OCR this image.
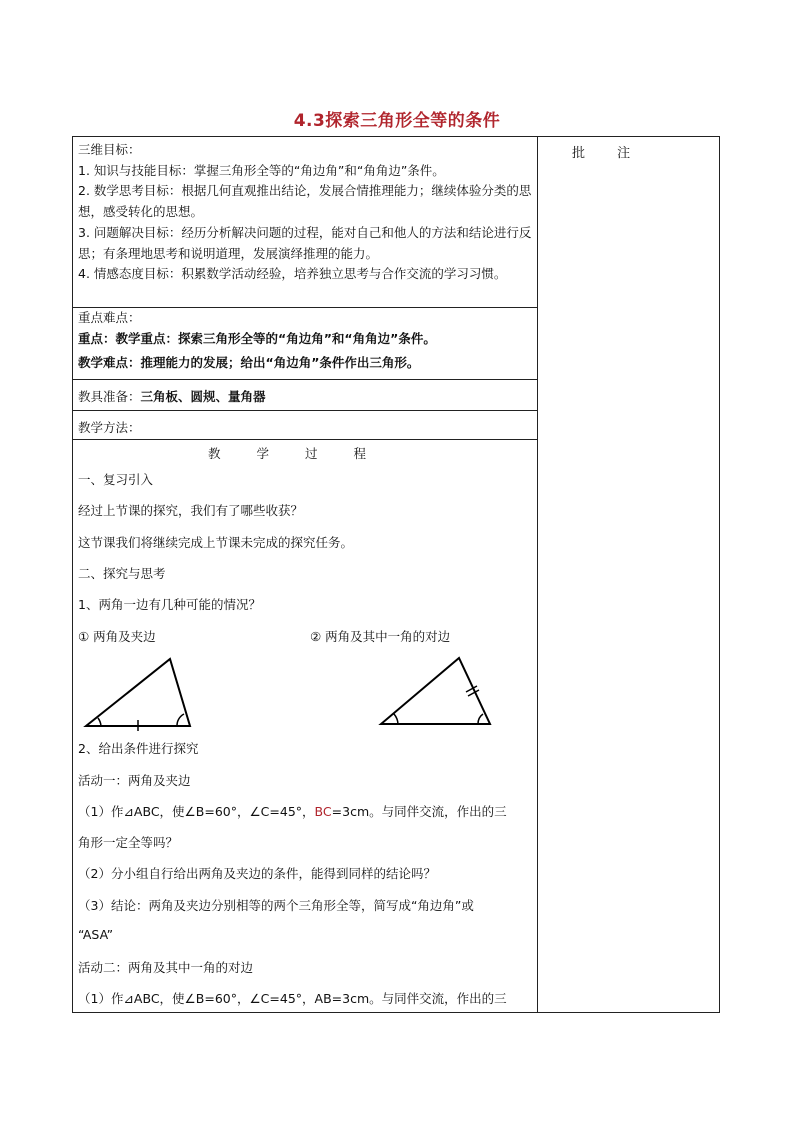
4.3探索三角形全等的条件
批 注

三维目标：

1. 知识与技能目标：掌握三角形全等的“角边角”和“角角边”条件。

2. 数学思考目标：根据几何直观推出结论，发展合情推理能力；继续体验分类的思想，感受转化的思想。

3. 问题解决目标：经历分析解决问题的过程，能对自己和他人的方法和结论进行反思；有条理地思考和说明道理，发展演绎推理的能力。

4. 情感态度目标：积累数学活动经验，培养独立思考与合作交流的学习习惯。

重点难点：

重点：教学重点：探索三角形全等的“角边角”和“角角边”条件。

教学难点：推理能力的发展；给出“角边角”条件作出三角形。

教具准备：三角板、圆规、量角器
教学方法：
教学过程
一、复习引入
经过上节课的探究，我们有了哪些收获？
这节课我们将继续完成上节课未完成的探究任务。
二、探究与思考
1、两角一边有几种可能的情况？
① 两角及夹边	② 两角及其中一角的对边
2、给出条件进行探究
活动一：两角及夹边
（1）作⊿ABC，使∠B=60°，∠C=45°，BC=3cm。与同伴交流，作出的三
角形一定全等吗？
（2）分小组自行给出两角及夹边的条件，能得到同样的结论吗？
（3）结论：两角及夹边分别相等的两个三角形全等，简写成“角边角”或
“ASA”
活动二：两角及其中一角的对边
（1）作⊿ABC，使∠B=60°，∠C=45°，AB=3cm。与同伴交流，作出的三
